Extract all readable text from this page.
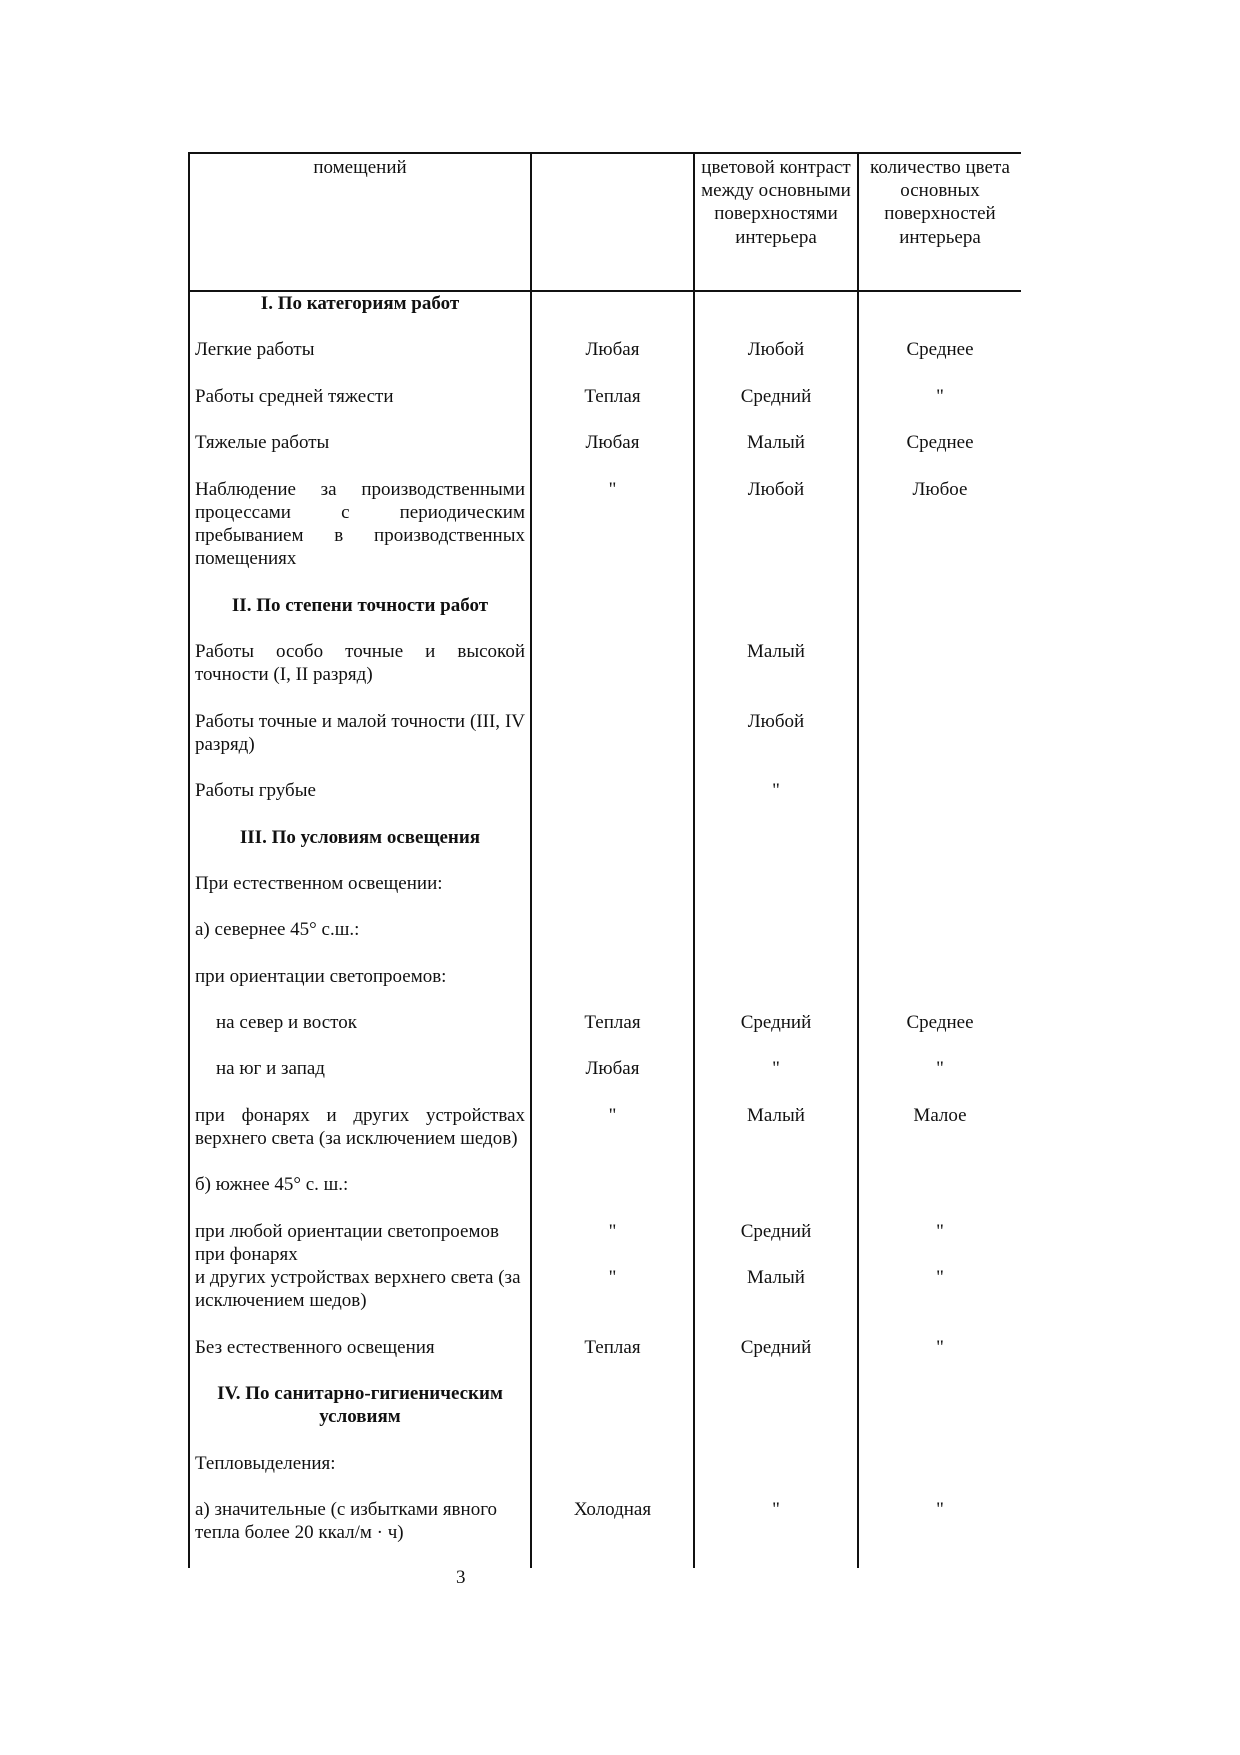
помещений		цветовой контраст между основными поверхностями интерьера	количество цвета основных поверхностей интерьера
I. По категориям работ			
Легкие работы	Любая	Любой	Среднее
Работы средней тяжести	Теплая	Средний	"
Тяжелые работы	Любая	Малый	Среднее
Наблюдение за производственными процессами с периодическим пребыванием в производственных помещениях	"	Любой	Любое
II. По степени точности работ			
Работы особо точные и высокой точности (I, II разряд)		Малый	
Работы точные и малой точности (III, IV разряд)		Любой	
Работы грубые		"	
III. По условиям освещения			
При естественном освещении:			
а) севернее 45° с.ш.:			
при ориентации светопроемов:			
на север и восток	Теплая	Средний	Среднее
на юг и запад	Любая	"	"
при фонарях и других устройствах верхнего света (за исключением шедов)	"	Малый	Малое
б) южнее 45° с. ш.:			
при любой ориентации светопроемов при фонарях	"	Средний	"
и других устройствах верхнего света (за исключением шедов)	"	Малый	"
Без естественного освещения	Теплая	Средний	"
IV. По санитарно-гигиеническим условиям			
Тепловыделения:			
а) значительные (с избытками явного тепла более 20 ккал/м · ч)	Холодная	"	"
3
